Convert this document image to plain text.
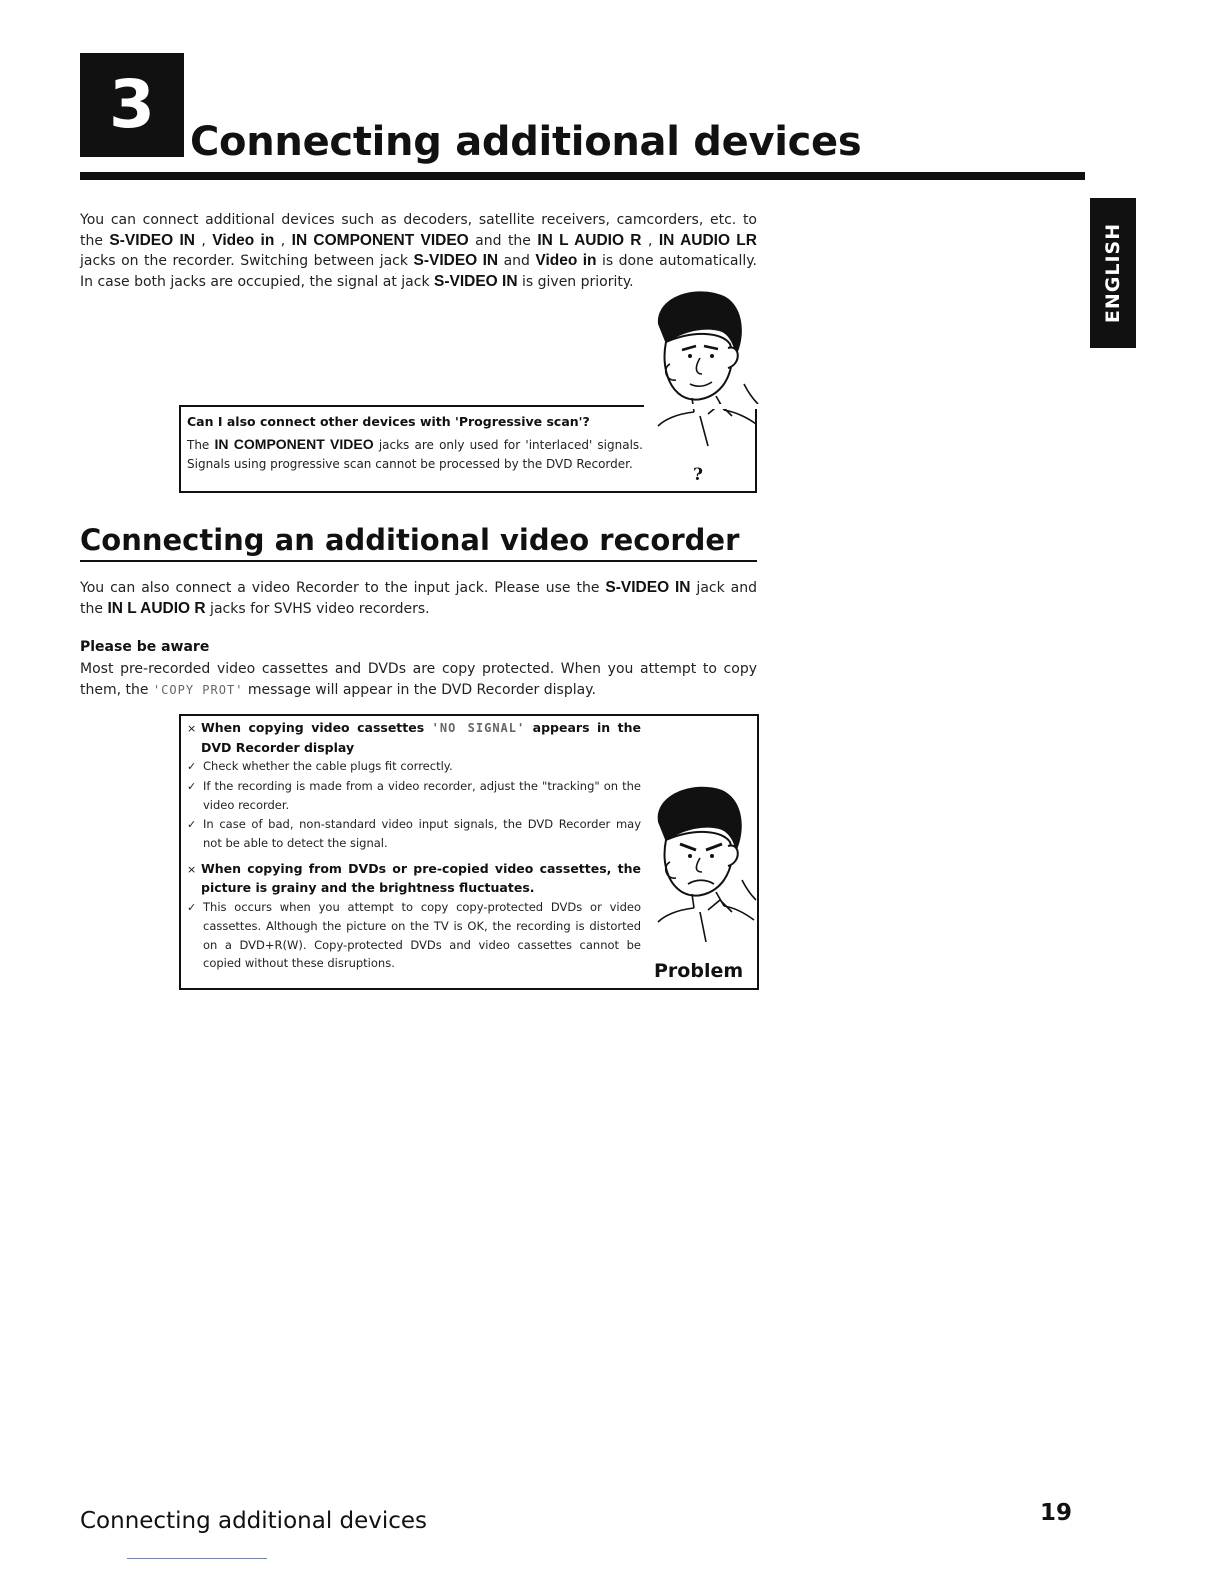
3 Connecting additional devices
ENGLISH
You can connect additional devices such as decoders, satellite receivers, camcorders, etc. to the S-VIDEO IN , Video in , IN COMPONENT VIDEO and the IN L AUDIO R , IN AUDIO LR jacks on the recorder. Switching between jack S-VIDEO IN and Video in is done automatically. In case both jacks are occupied, the signal at jack S-VIDEO IN is given priority.
Can I also connect other devices with 'Progressive scan'?
The IN COMPONENT VIDEO jacks are only used for 'interlaced' signals. Signals using progressive scan cannot be processed by the DVD Recorder.
?
Connecting an additional video recorder
You can also connect a video Recorder to the input jack. Please use the S-VIDEO IN jack and the IN L AUDIO R jacks for SVHS video recorders.
Please be aware
Most pre-recorded video cassettes and DVDs are copy protected. When you attempt to copy them, the 'COPY PROT' message will appear in the DVD Recorder display.
× When copying video cassettes 'NO SIGNAL' appears in the DVD Recorder display
✓ Check whether the cable plugs fit correctly.
✓ If the recording is made from a video recorder, adjust the "tracking" on the video recorder.
✓ In case of bad, non-standard video input signals, the DVD Recorder may not be able to detect the signal.
× When copying from DVDs or pre-copied video cassettes, the picture is grainy and the brightness fluctuates.
✓ This occurs when you attempt to copy copy-protected DVDs or video cassettes. Although the picture on the TV is OK, the recording is distorted on a DVD+R(W). Copy-protected DVDs and video cassettes cannot be copied without these disruptions.	Problem
Connecting additional devices	19
